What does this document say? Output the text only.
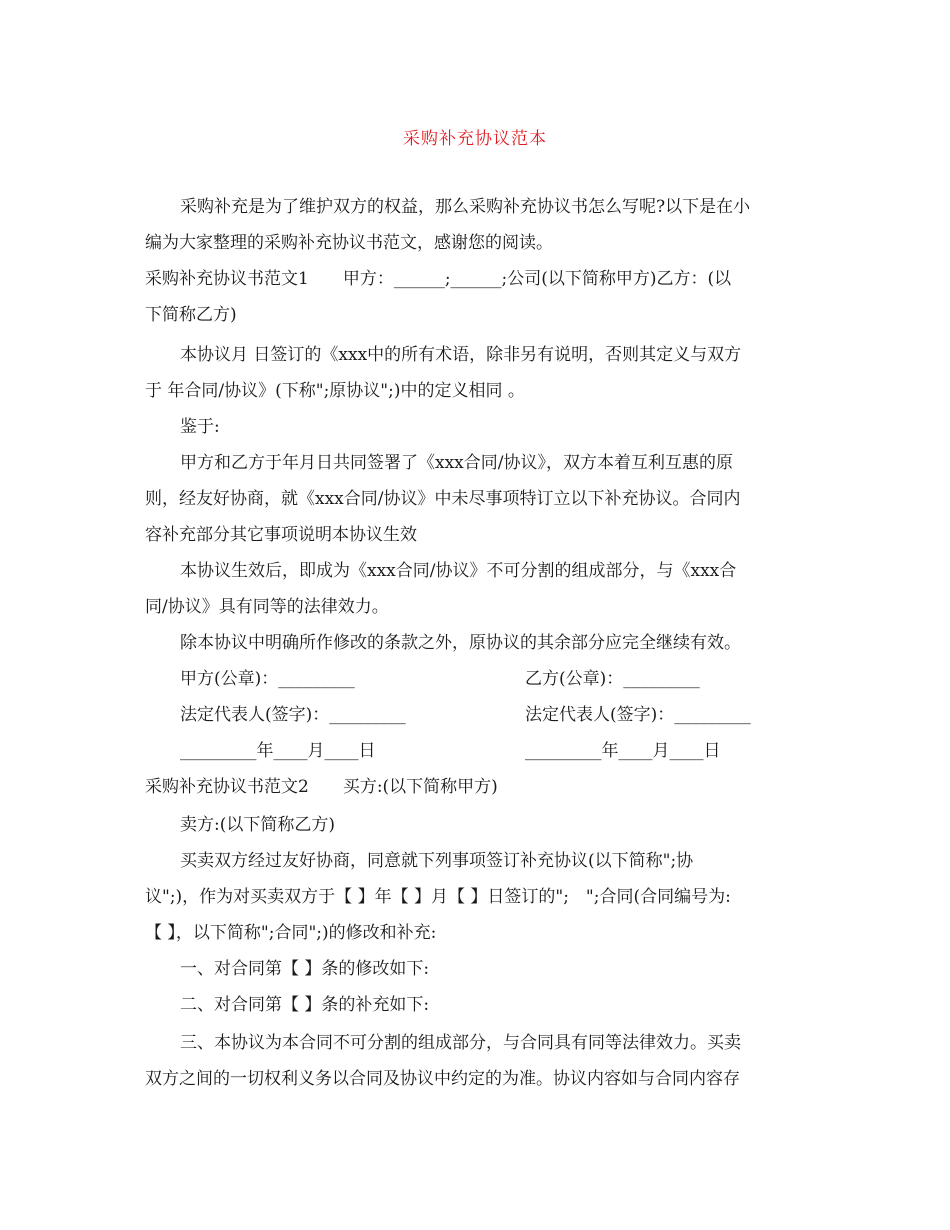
采购补充协议范本
采购补充是为了维护双方的权益，那么采购补充协议书怎么写呢?以下是在小
编为大家整理的采购补充协议书范文，感谢您的阅读。
采购补充协议书范文1　　甲方：______;______;公司(以下简称甲方)乙方：(以
下简称乙方)
本协议月 日签订的《xxx中的所有术语，除非另有说明，否则其定义与双方
于 年合同/协议》(下称";原协议";)中的定义相同 。
鉴于:
甲方和乙方于年月日共同签署了《xxx合同/协议》，双方本着互利互惠的原
则，经友好协商，就《xxx合同/协议》中未尽事项特订立以下补充协议。合同内
容补充部分其它事项说明本协议生效
本协议生效后，即成为《xxx合同/协议》不可分割的组成部分，与《xxx合
同/协议》具有同等的法律效力。
除本协议中明确所作修改的条款之外，原协议的其余部分应完全继续有效。
甲方(公章)：_________	乙方(公章)：_________
法定代表人(签字)：_________	法定代表人(签字)：_________
_________年____月____日	_________年____月____日
采购补充协议书范文2　　买方:(以下简称甲方)
卖方:(以下简称乙方)
买卖双方经过友好协商，同意就下列事项签订补充协议(以下简称";协
议";)，作为对买卖双方于【 】年【 】月【 】日签订的";　";合同(合同编号为:
【 】，以下简称";合同";)的修改和补充:
一、对合同第【 】条的修改如下:
二、对合同第【 】条的补充如下:
三、本协议为本合同不可分割的组成部分，与合同具有同等法律效力。买卖
双方之间的一切权利义务以合同及协议中约定的为准。协议内容如与合同内容存
